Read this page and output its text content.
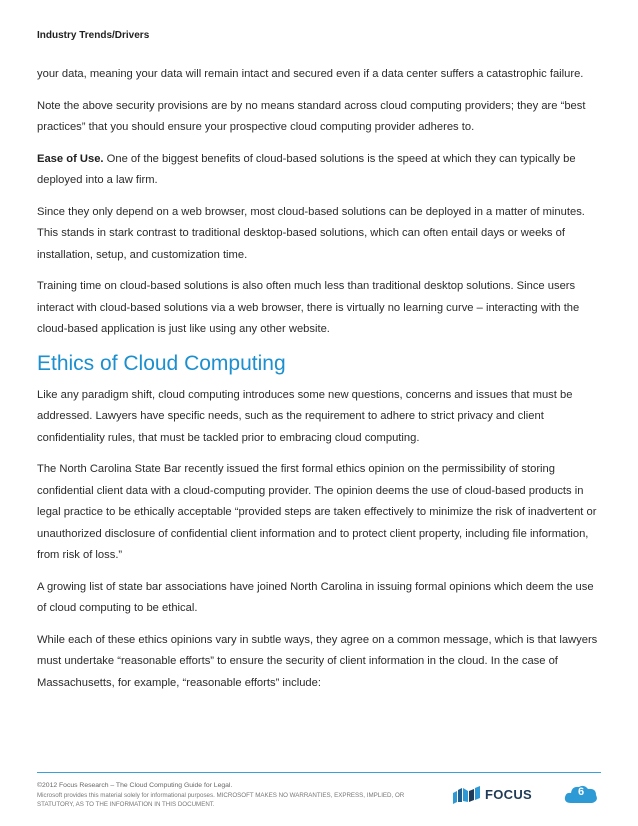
Industry Trends/Drivers

your data, meaning your data will remain intact and secured even if a data center suffers a catastrophic failure.

Note the above security provisions are by no means standard across cloud computing providers; they are “best practices” that you should ensure your prospective cloud computing provider adheres to.

Ease of Use. One of the biggest benefits of cloud-based solutions is the speed at which they can typically be deployed into a law firm.

Since they only depend on a web browser, most cloud-based solutions can be deployed in a matter of minutes. This stands in stark contrast to traditional desktop-based solutions, which can often entail days or weeks of installation, setup, and customization time.

Training time on cloud-based solutions is also often much less than traditional desktop solutions. Since users interact with cloud-based solutions via a web browser, there is virtually no learning curve – interacting with the cloud-based application is just like using any other website.

Ethics of Cloud Computing

Like any paradigm shift, cloud computing introduces some new questions, concerns and issues that must be addressed. Lawyers have specific needs, such as the requirement to adhere to strict privacy and client confidentiality rules, that must be tackled prior to embracing cloud computing.

The North Carolina State Bar recently issued the first formal ethics opinion on the permissibility of storing confidential client data with a cloud-computing provider. The opinion deems the use of cloud-based products in legal practice to be ethically acceptable “provided steps are taken effectively to minimize the risk of inadvertent or unauthorized disclosure of confidential client information and to protect client property, including file information, from risk of loss.”

A growing list of state bar associations have joined North Carolina in issuing formal opinions which deem the use of cloud computing to be ethical.

While each of these ethics opinions vary in subtle ways, they agree on a common message, which is that lawyers must undertake “reasonable efforts” to ensure the security of client information in the cloud. In the case of Massachusetts, for example, “reasonable efforts” include:

©2012 Focus Research – The Cloud Computing Guide for Legal.
Microsoft provides this material solely for informational purposes. MICROSOFT MAKES NO WARRANTIES, EXPRESS, IMPLIED, OR STATUTORY, AS TO THE INFORMATION IN THIS DOCUMENT.
FOCUS	6
